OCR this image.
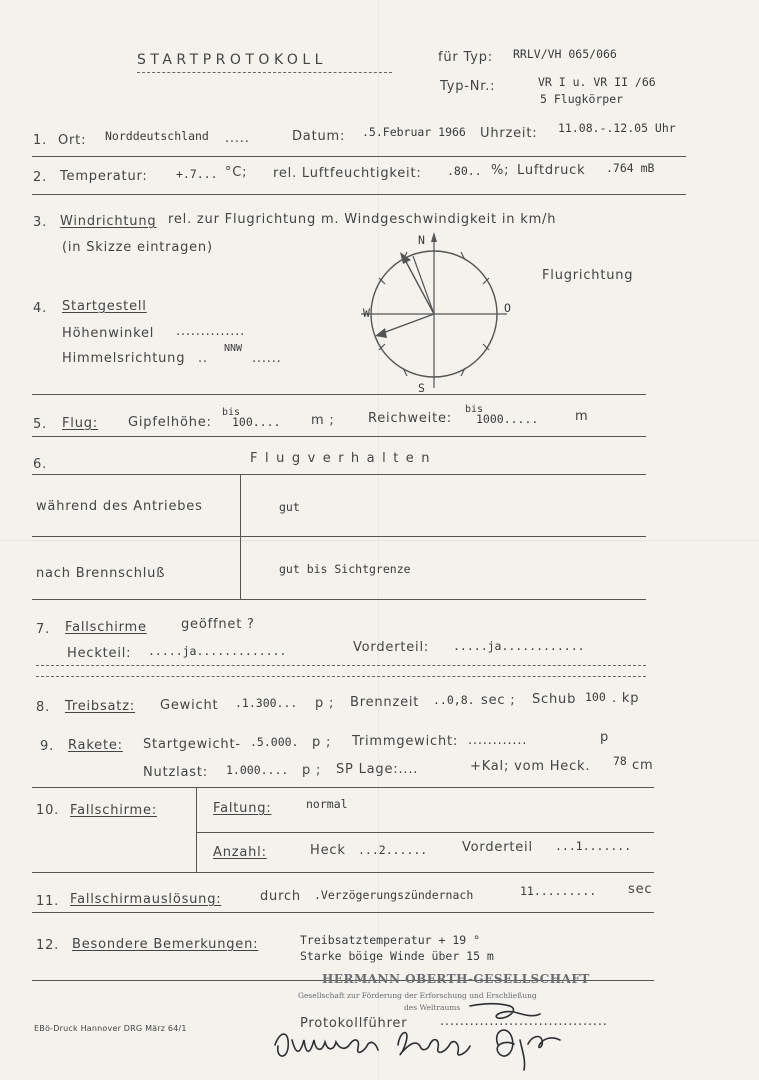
STARTPROTOKOLL	für Typ: RRLV/VH 065/066
Typ-Nr.:	VR I u. VR II /66
5 Flugkörper
1. Ort: Norddeutschland .....	Datum: .5.Februar 1966 Uhrzeit: 11.08.-.12.05 Uhr
2. Temperatur: +.7... °C; rel. Luftfeuchtigkeit: .80.. %; Luftdruck .764 mB
3. Windrichtung rel. zur Flugrichtung m. Windgeschwindigkeit in km/h
(in Skizze eintragen)	N
S
W	O
Flugrichtung
4. Startgestell
Höhenwinkel ..............
Himmelsrichtung ..
NNW
......
5. Flug: Gipfelhöhe:
bis
100.... m ;	Reichweite:
bis
1000.....	m
6.	Flugverhalten
während des Antriebes	gut
nach Brennschluß	gut bis Sichtgrenze
7. Fallschirme	geöffnet ?
Heckteil: .....ja.............	Vorderteil: .....ja............
8. Treibsatz: Gewicht .1.300... p ; Brennzeit ..0,8. sec ; Schub 100 . kp
9. Rakete: Startgewicht- .5.000. p ; Trimmgewicht: ............	p
Nutzlast: 1.000.... p ; SP Lage:....	+Kal; vom Heck. 78 cm
10. Fallschirme:	Faltung:	normal
Anzahl:	Heck ...2......	Vorderteil ...1.......
11. Fallschirmauslösung:	durch .Verzögerungszündernach	11......... sec
12. Besondere Bemerkungen:	Treibsatztemperatur + 19 °
Starke böige Winde über 15 m
HERMANN OBERTH-GESELLSCHAFT
Gesellschaft zur Förderung der Erforschung und Erschließung
des Weltraums
Protokollführer	..................................
EBö-Druck Hannover DRG März 64/1
